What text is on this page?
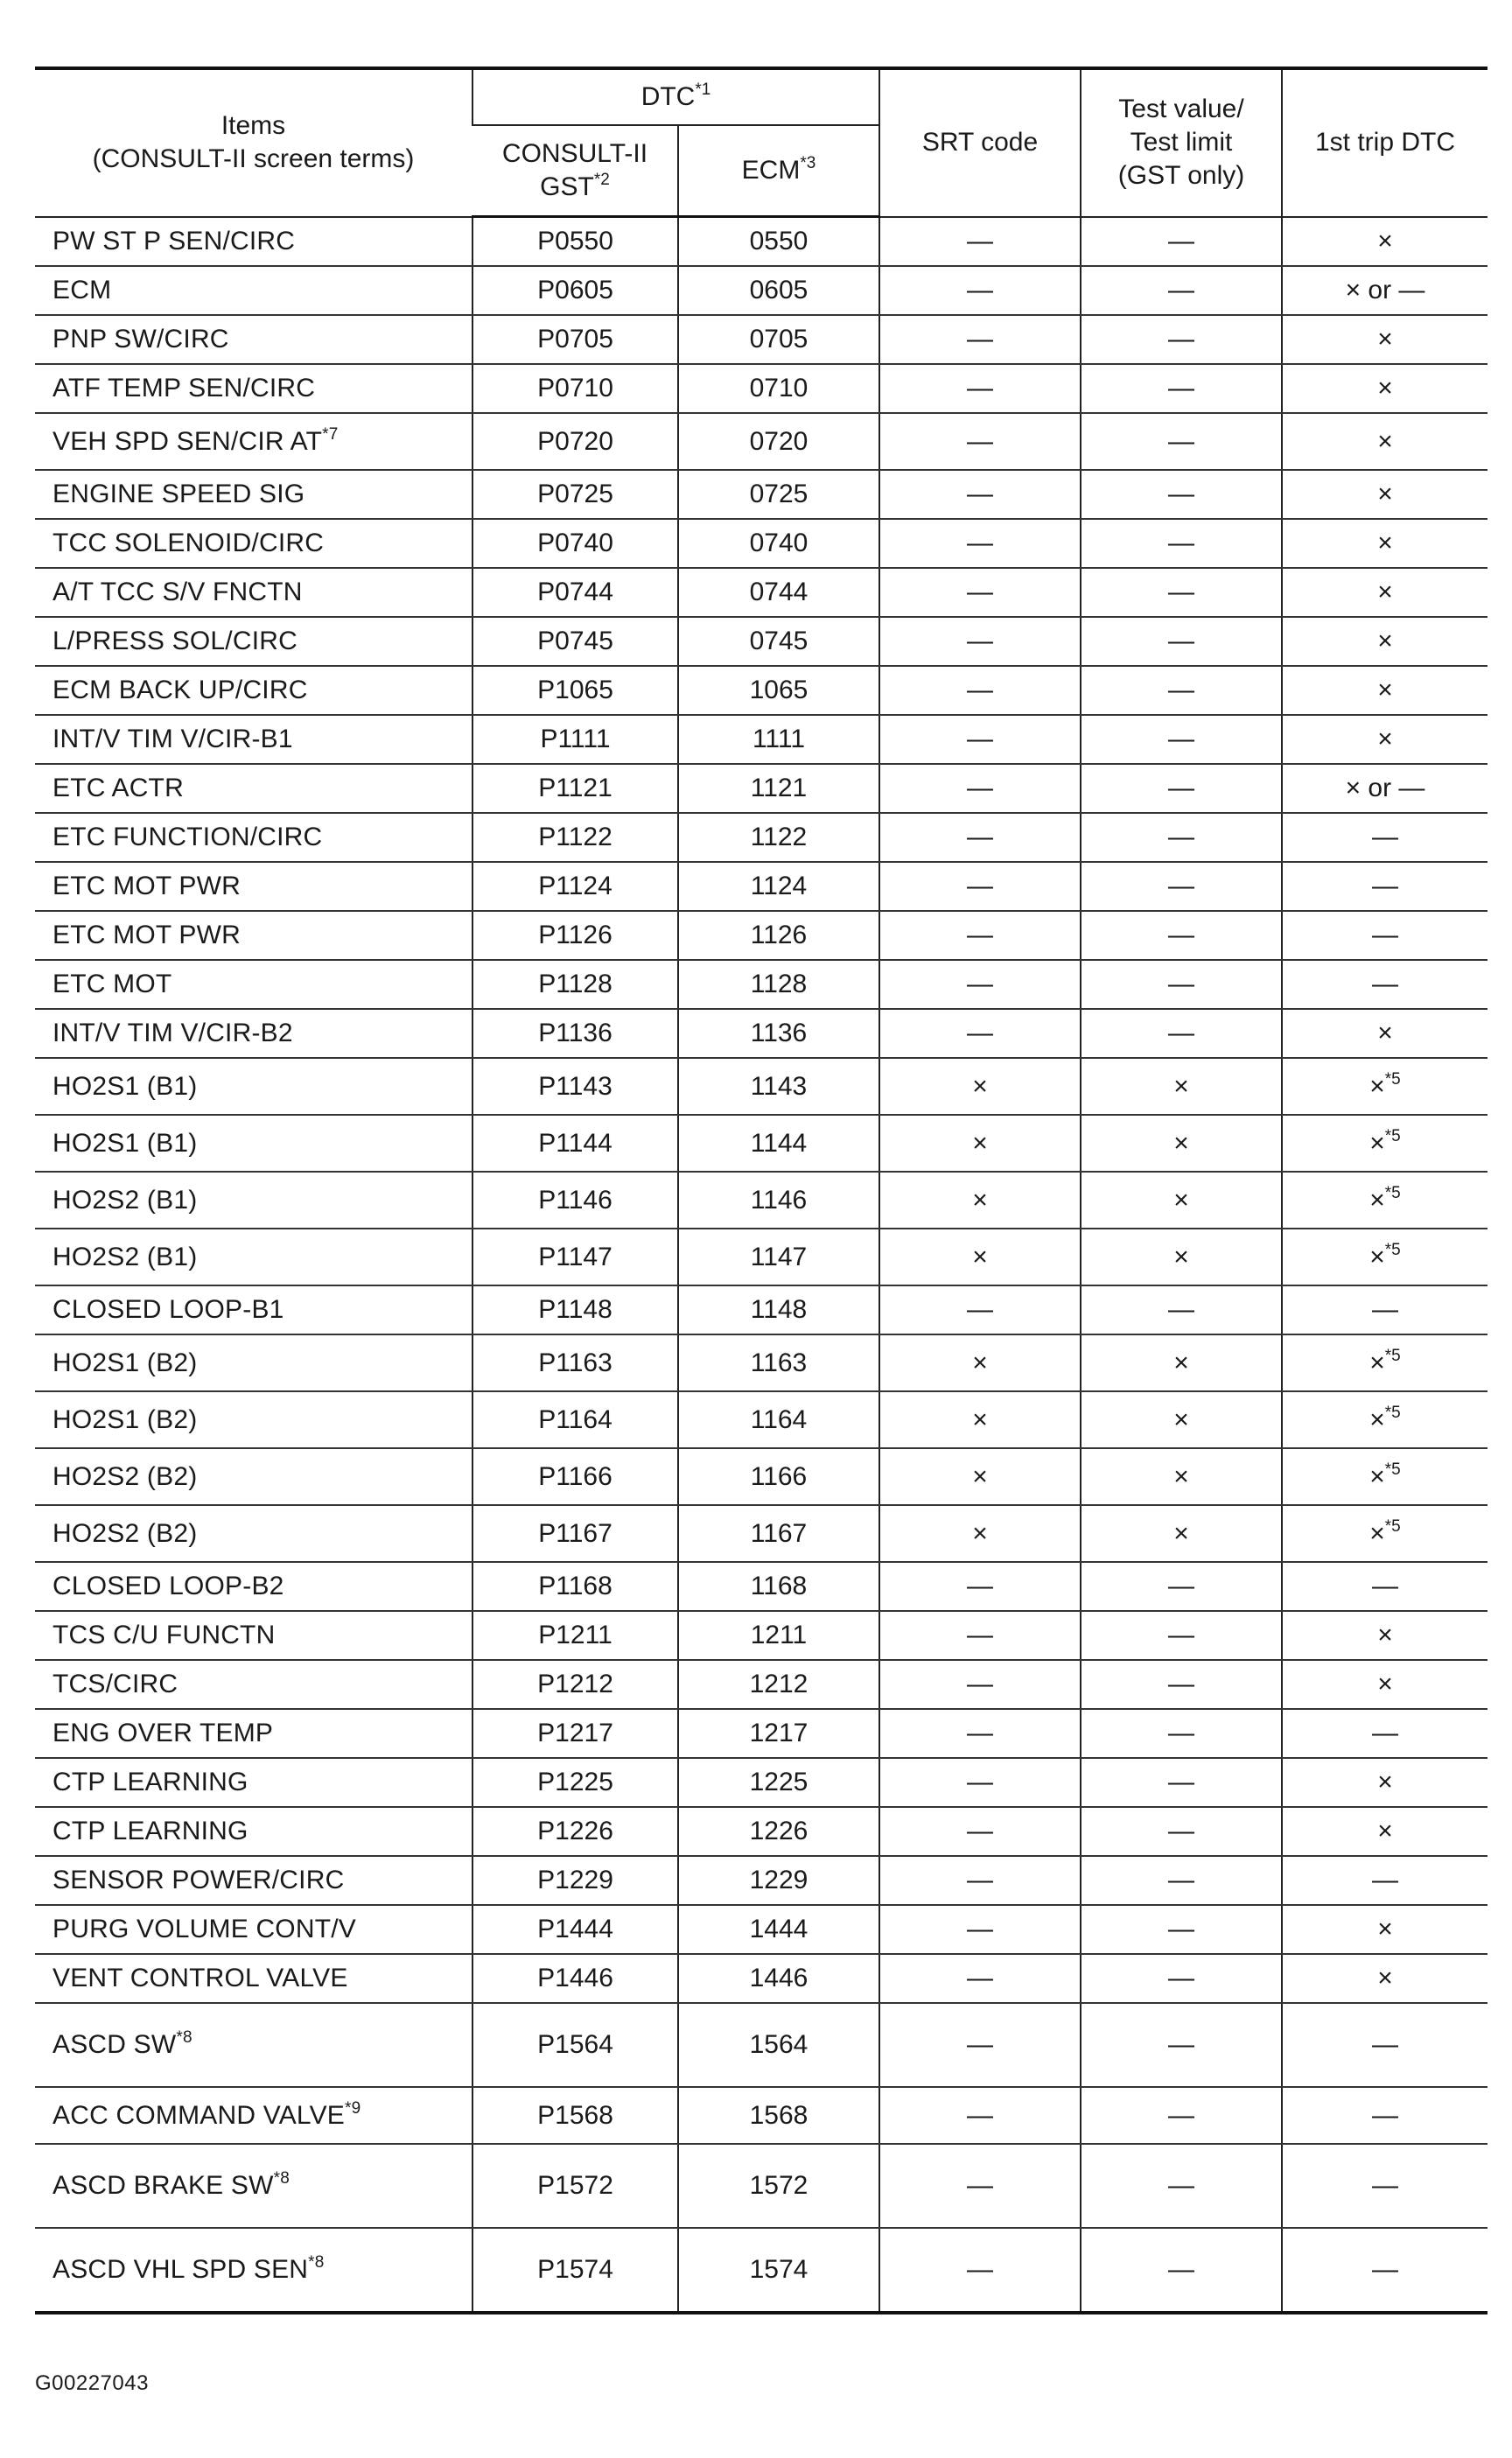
Items
(CONSULT-II screen terms)	DTC$^{*1}$		SRT code	Test value/
Test limit
(GST only)	1st trip DTC
	CONSULT-II
GST$^{*2}$	ECM$^{*3}$
PW ST P SEN/CIRC	P0550	0550	—	—	×
ECM	P0605	0605	—	—	× or —
PNP SW/CIRC	P0705	0705	—	—	×
ATF TEMP SEN/CIRC	P0710	0710	—	—	×
VEH SPD SEN/CIR AT$^{*7}$	P0720	0720	—	—	×
ENGINE SPEED SIG	P0725	0725	—	—	×
TCC SOLENOID/CIRC	P0740	0740	—	—	×
A/T TCC S/V FNCTN	P0744	0744	—	—	×
L/PRESS SOL/CIRC	P0745	0745	—	—	×
ECM BACK UP/CIRC	P1065	1065	—	—	×
INT/V TIM V/CIR-B1	P1111	1111	—	—	×
ETC ACTR	P1121	1121	—	—	× or —
ETC FUNCTION/CIRC	P1122	1122	—	—	—
ETC MOT PWR	P1124	1124	—	—	—
ETC MOT PWR	P1126	1126	—	—	—
ETC MOT	P1128	1128	—	—	—
INT/V TIM V/CIR-B2	P1136	1136	—	—	×
HO2S1 (B1)	P1143	1143	×	×	×$^{*5}$
HO2S1 (B1)	P1144	1144	×	×	×$^{*5}$
HO2S2 (B1)	P1146	1146	×	×	×$^{*5}$
HO2S2 (B1)	P1147	1147	×	×	×$^{*5}$
CLOSED LOOP-B1	P1148	1148	—	—	—
HO2S1 (B2)	P1163	1163	×	×	×$^{*5}$
HO2S1 (B2)	P1164	1164	×	×	×$^{*5}$
HO2S2 (B2)	P1166	1166	×	×	×$^{*5}$
HO2S2 (B2)	P1167	1167	×	×	×$^{*5}$
CLOSED LOOP-B2	P1168	1168	—	—	—
TCS C/U FUNCTN	P1211	1211	—	—	×
TCS/CIRC	P1212	1212	—	—	×
ENG OVER TEMP	P1217	1217	—	—	—
CTP LEARNING	P1225	1225	—	—	×
CTP LEARNING	P1226	1226	—	—	×
SENSOR POWER/CIRC	P1229	1229	—	—	—
PURG VOLUME CONT/V	P1444	1444	—	—	×
VENT CONTROL VALVE	P1446	1446	—	—	×
ASCD SW$^{*8}$	P1564	1564	—	—	—
ACC COMMAND VALVE$^{*9}$	P1568	1568	—	—	—
ASCD BRAKE SW$^{*8}$	P1572	1572	—	—	—
ASCD VHL SPD SEN$^{*8}$	P1574	1574	—	—	—
G00227043
